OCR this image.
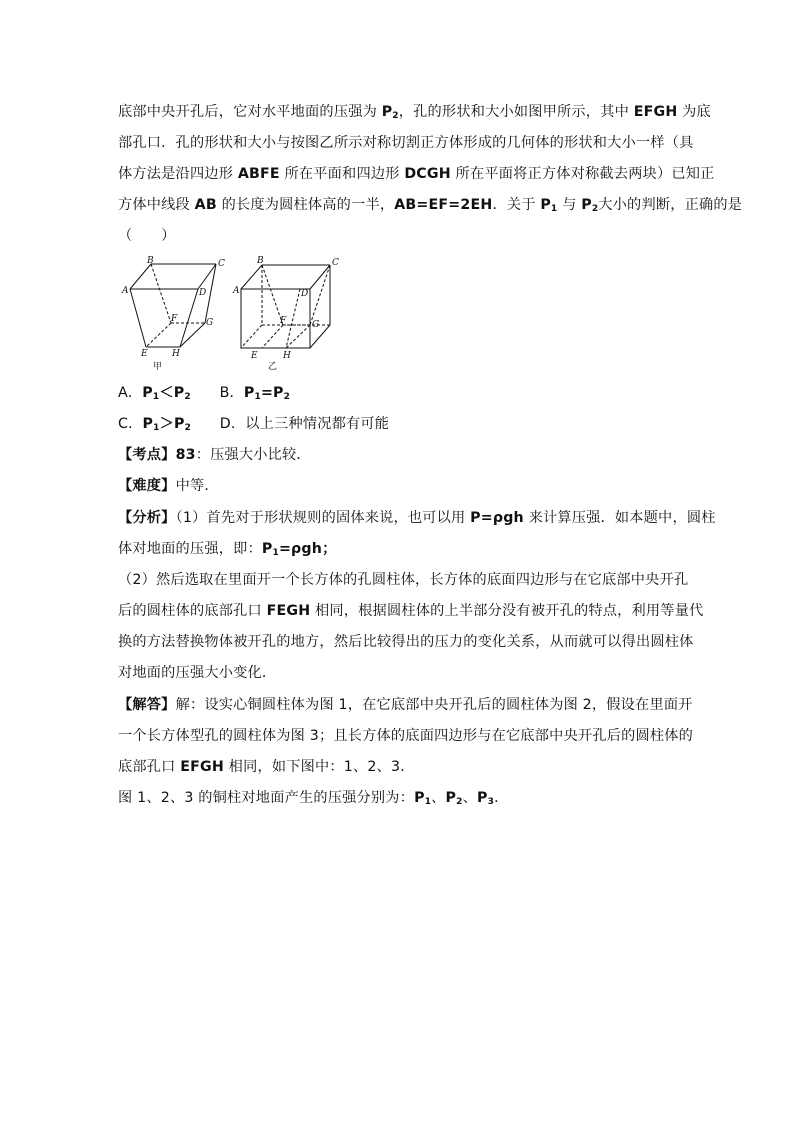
底部中央开孔后，它对水平地面的压强为 $P_2$，孔的形状和大小如图甲所示，其中 EFGH 为底
部孔口．孔的形状和大小与按图乙所示对称切割正方体形成的几何体的形状和大小一样（具
体方法是沿四边形 ABFE 所在平面和四边形 DCGH 所在平面将正方体对称截去两块）已知正
方体中线段 AB 的长度为圆柱体高的一半，AB=EF=2EH．关于 $P_1$ 与 $P_2$大小的判断，正确的是
（　　）
B	C
A	D
F	G
E	H
甲
B	C
A	D
F	G
E	H
乙
A．$P_1<P_2$ B．$P_1=P_2$
C．$P_1>P_2$ D．以上三种情况都有可能
【考点】83：压强大小比较．
【难度】中等．
【分析】（1）首先对于形状规则的固体来说，也可以用 P=ρgh 来计算压强．如本题中，圆柱
体对地面的压强，即：$P_1=\rho gh$；
（2）然后选取在里面开一个长方体的孔圆柱体，长方体的底面四边形与在它底部中央开孔
后的圆柱体的底部孔口 FEGH 相同，根据圆柱体的上半部分没有被开孔的特点，利用等量代
换的方法替换物体被开孔的地方，然后比较得出的压力的变化关系，从而就可以得出圆柱体
对地面的压强大小变化．
【解答】解：设实心铜圆柱体为图 1，在它底部中央开孔后的圆柱体为图 2，假设在里面开
一个长方体型孔的圆柱体为图 3；且长方体的底面四边形与在它底部中央开孔后的圆柱体的
底部孔口 EFGH 相同，如下图中：1、2、3．
图 1、2、3 的铜柱对地面产生的压强分别为：$P_1$、$P_2$、$P_3$．
